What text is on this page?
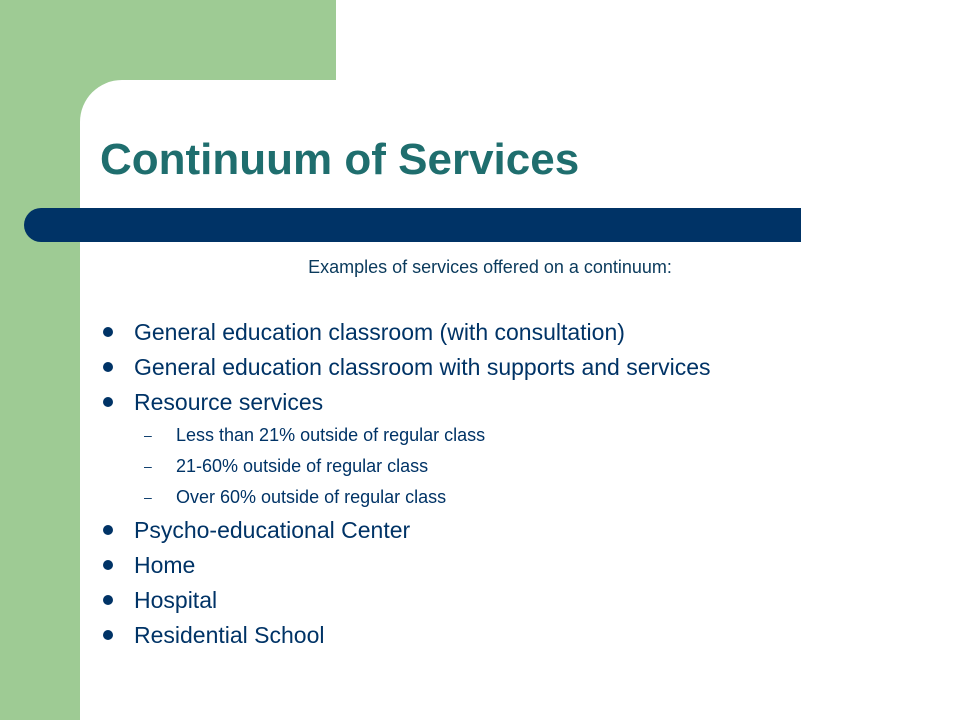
Continuum of Services
Examples of services offered on a continuum:
General education classroom (with consultation)
General education classroom with supports and services
Resource services
– Less than 21% outside of regular class
– 21-60% outside of regular class
– Over 60% outside of regular class
Psycho-educational Center
Home
Hospital
Residential School
